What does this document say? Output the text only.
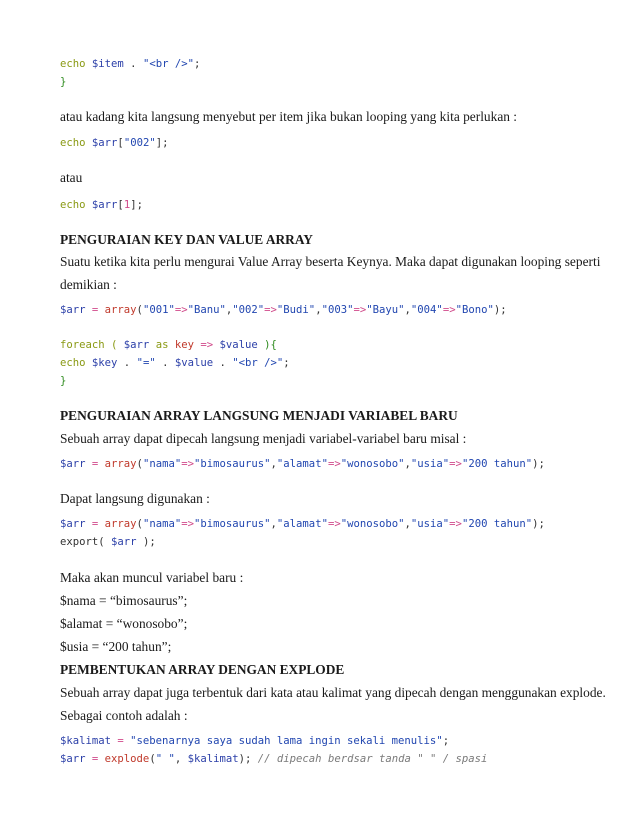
echo $item . "<br />";
}
atau kadang kita langsung menyebut per item jika bukan looping yang kita perlukan :
echo $arr["002"];
atau
echo $arr[1];
PENGURAIAN KEY DAN VALUE ARRAY
Suatu ketika kita perlu mengurai Value Array beserta Keynya. Maka dapat digunakan looping seperti
demikian :
$arr = array("001"=>"Banu","002"=>"Budi","003"=>"Bayu","004"=>"Bono");
foreach ( $arr as key => $value ){
echo $key . "=" . $value . "<br />";
}
PENGURAIAN ARRAY LANGSUNG MENJADI VARIABEL BARU
Sebuah array dapat dipecah langsung menjadi variabel-variabel baru misal :
$arr = array("nama"=>"bimosaurus","alamat"=>"wonosobo","usia"=>"200 tahun");
Dapat langsung digunakan :
$arr = array("nama"=>"bimosaurus","alamat"=>"wonosobo","usia"=>"200 tahun");
export( $arr );
Maka akan muncul variabel baru :
$nama = “bimosaurus”;
$alamat = “wonosobo”;
$usia = “200 tahun”;
PEMBENTUKAN ARRAY DENGAN EXPLODE
Sebuah array dapat juga terbentuk dari kata atau kalimat yang dipecah dengan menggunakan explode.
Sebagai contoh adalah :
$kalimat = "sebenarnya saya sudah lama ingin sekali menulis";
$arr = explode(" ", $kalimat); // dipecah berdsar tanda " " / spasi
